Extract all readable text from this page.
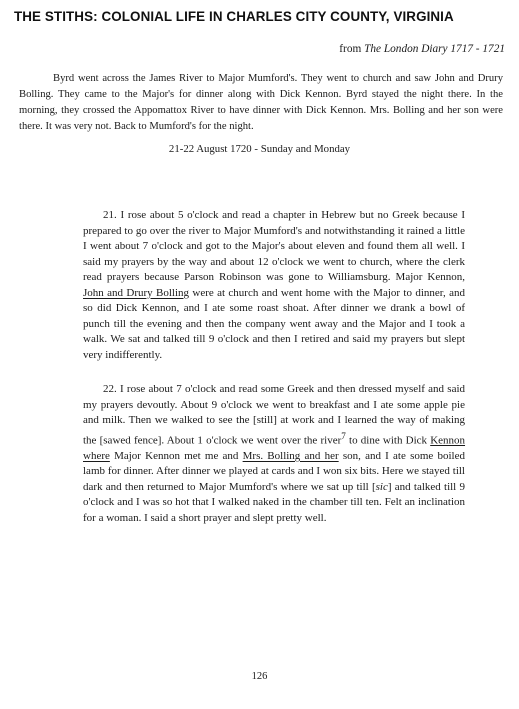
THE STITHS: COLONIAL LIFE IN CHARLES CITY COUNTY, VIRGINIA
from The London Diary 1717 - 1721

Byrd went across the James River to Major Mumford's. They went to church and saw John and Drury Bolling. They came to the Major's for dinner along with Dick Kennon. Byrd stayed the night there. In the morning, they crossed the Appomattox River to have dinner with Dick Kennon. Mrs. Bolling and her son were there. It was very not. Back to Mumford's for the night.

21-22 August 1720 - Sunday and Monday

21. I rose about 5 o'clock and read a chapter in Hebrew but no Greek because I prepared to go over the river to Major Mumford's and notwithstanding it rained a little I went about 7 o'clock and got to the Major's about eleven and found them all well. I said my prayers by the way and about 12 o'clock we went to church, where the clerk read prayers because Parson Robinson was gone to Williamsburg. Major Kennon, John and Drury Bolling were at church and went home with the Major to dinner, and so did Dick Kennon, and I ate some roast shoat. After dinner we drank a bowl of punch till the evening and then the company went away and the Major and I took a walk. We sat and talked till 9 o'clock and then I retired and said my prayers but slept very indifferently.

22. I rose about 7 o'clock and read some Greek and then dressed myself and said my prayers devoutly. About 9 o'clock we went to breakfast and I ate some apple pie and milk. Then we walked to see the [still] at work and I learned the way of making the [sawed fence]. About 1 o'clock we went over the river$^7$ to dine with Dick Kennon where Major Kennon met me and Mrs. Bolling and her son, and I ate some boiled lamb for dinner. After dinner we played at cards and I won six bits. Here we stayed till dark and then returned to Major Mumford's where we sat up till [sic] and talked till 9 o'clock and I was so hot that I walked naked in the chamber till ten. Felt an inclination for a woman. I said a short prayer and slept pretty well.

126
